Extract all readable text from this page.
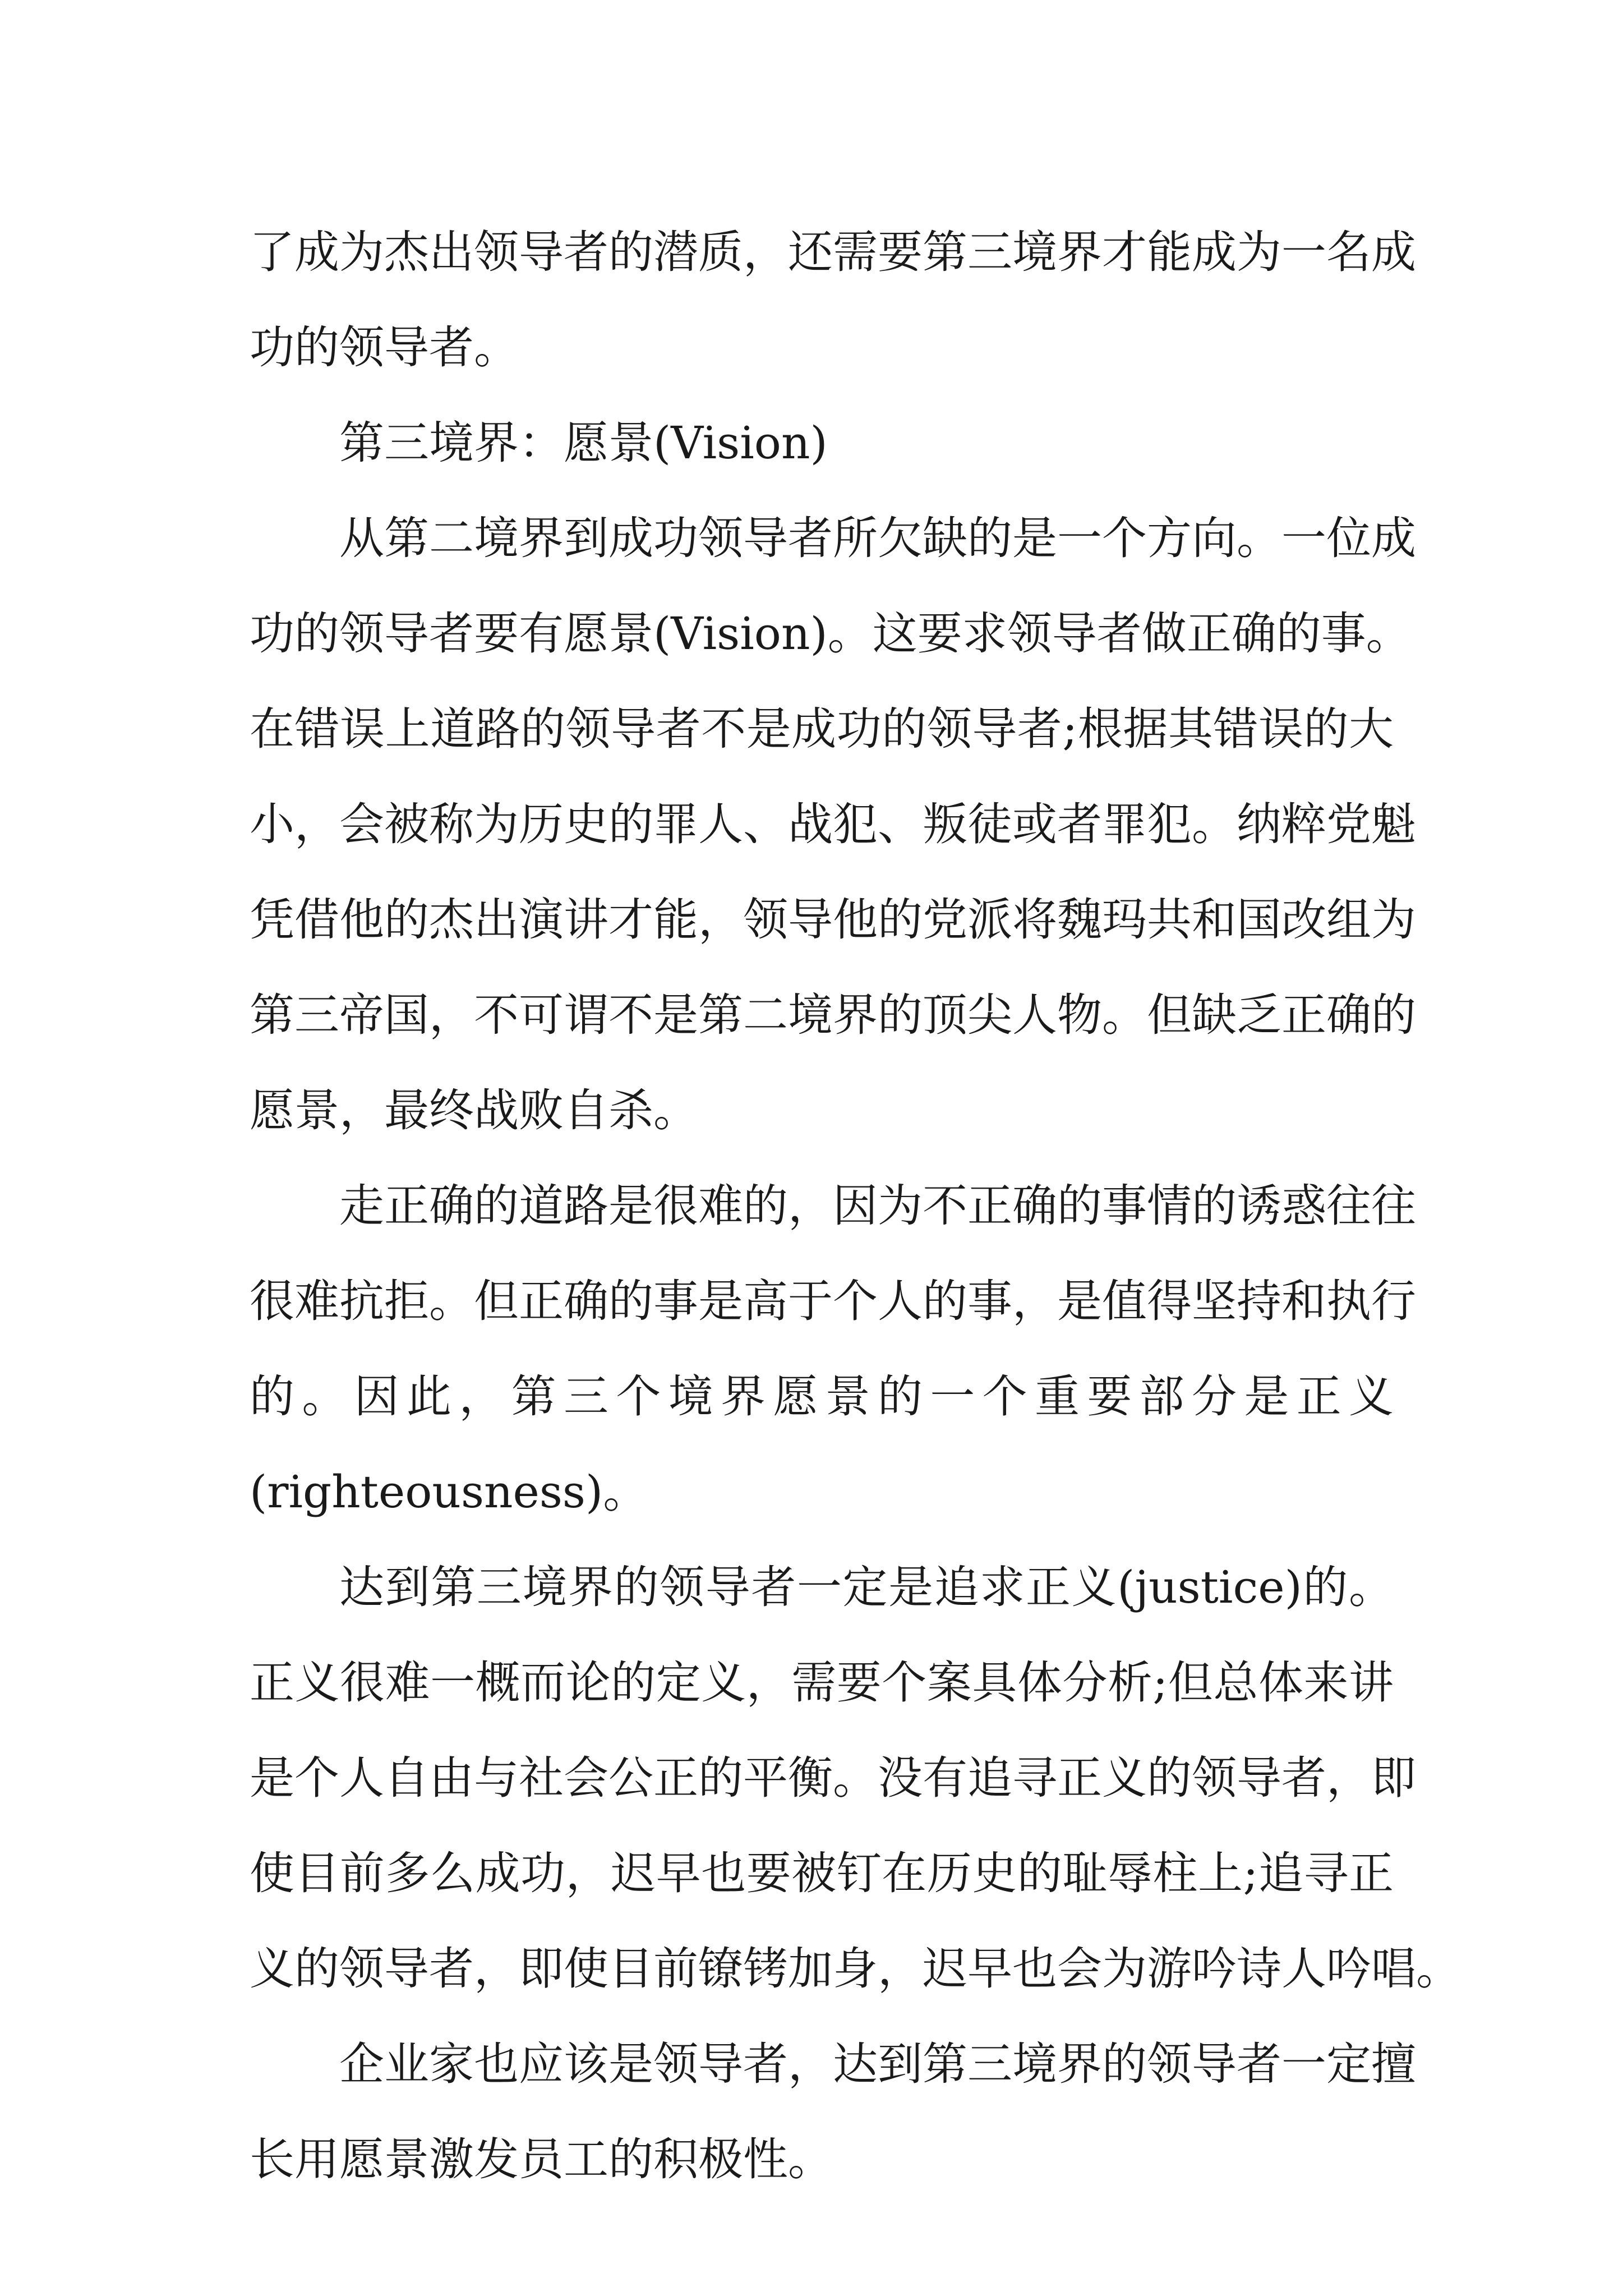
了成为杰出领导者的潜质，还需要第三境界才能成为一名成
功的领导者。
第三境界：愿景(Vision)
从第二境界到成功领导者所欠缺的是一个方向。一位成
功的领导者要有愿景(Vision)。这要求领导者做正确的事。
在错误上道路的领导者不是成功的领导者;根据其错误的大
小，会被称为历史的罪人、战犯、叛徒或者罪犯。纳粹党魁
凭借他的杰出演讲才能，领导他的党派将魏玛共和国改组为
第三帝国，不可谓不是第二境界的顶尖人物。但缺乏正确的
愿景，最终战败自杀。
走正确的道路是很难的，因为不正确的事情的诱惑往往
很难抗拒。但正确的事是高于个人的事，是值得坚持和执行
的。因此，第三个境界愿景的一个重要部分是正义
(righteousness)。
达到第三境界的领导者一定是追求正义(justice)的。
正义很难一概而论的定义，需要个案具体分析;但总体来讲
是个人自由与社会公正的平衡。没有追寻正义的领导者，即
使目前多么成功，迟早也要被钉在历史的耻辱柱上;追寻正
义的领导者，即使目前镣铐加身，迟早也会为游吟诗人吟唱。
企业家也应该是领导者，达到第三境界的领导者一定擅
长用愿景激发员工的积极性。
